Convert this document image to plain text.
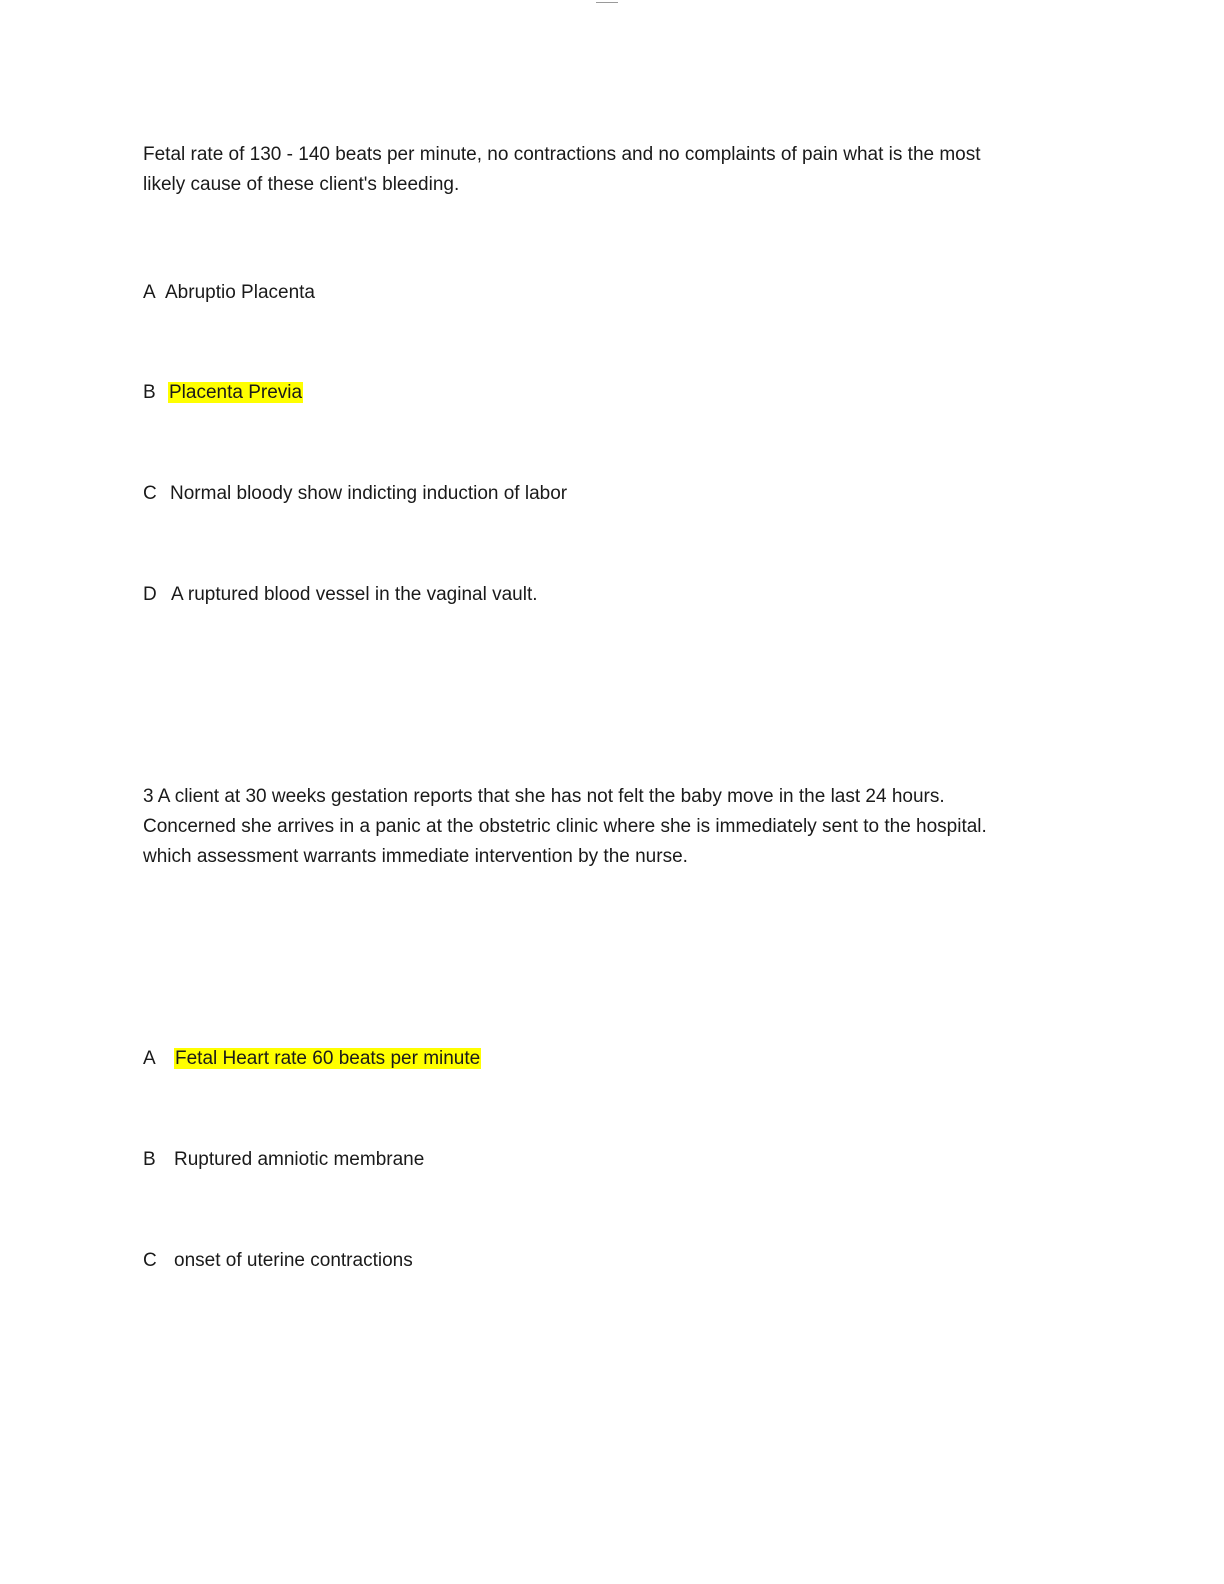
Fetal rate of 130 - 140 beats per minute, no contractions and no complaints of pain what is the most
likely cause of these client's bleeding.
A Abruptio Placenta
B Placenta Previa
C Normal bloody show indicting induction of labor
D A ruptured blood vessel in the vaginal vault.
3 A client at 30 weeks gestation reports that she has not felt the baby move in the last 24 hours.
Concerned she arrives in a panic at the obstetric clinic where she is immediately sent to the hospital.
which assessment warrants immediate intervention by the nurse.
A Fetal Heart rate 60 beats per minute
B Ruptured amniotic membrane
C onset of uterine contractions
